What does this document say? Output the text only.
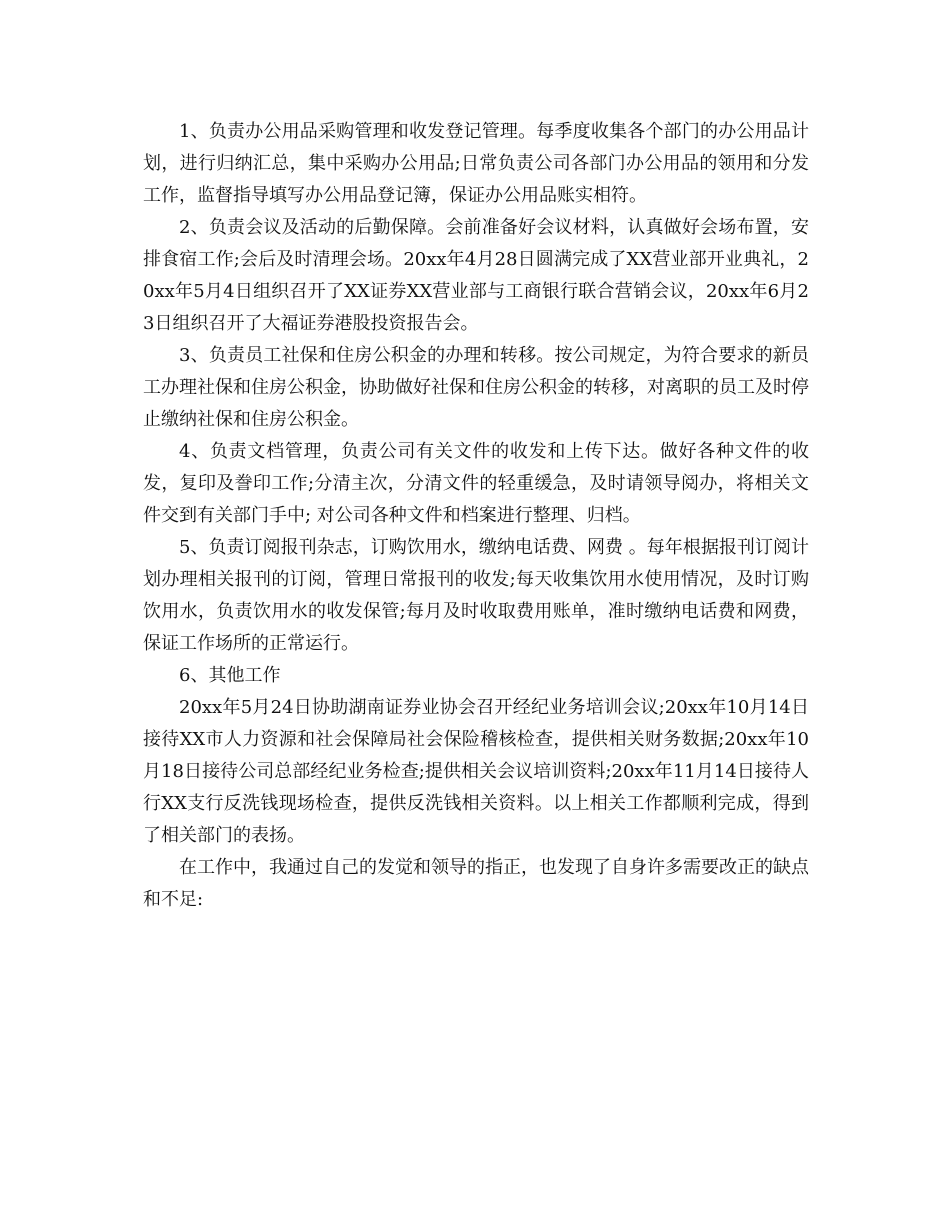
1、负责办公用品采购管理和收发登记管理。每季度收集各个部门的办公用品计划，进行归纳汇总，集中采购办公用品;日常负责公司各部门办公用品的领用和分发工作，监督指导填写办公用品登记簿，保证办公用品账实相符。

2、负责会议及活动的后勤保障。会前准备好会议材料，认真做好会场布置，安排食宿工作;会后及时清理会场。20xx年4月28日圆满完成了XX营业部开业典礼，20xx年5月4日组织召开了XX证券XX营业部与工商银行联合营销会议，20xx年6月23日组织召开了大福证券港股投资报告会。

3、负责员工社保和住房公积金的办理和转移。按公司规定，为符合要求的新员工办理社保和住房公积金，协助做好社保和住房公积金的转移，对离职的员工及时停止缴纳社保和住房公积金。

4、负责文档管理，负责公司有关文件的收发和上传下达。做好各种文件的收发，复印及誊印工作;分清主次，分清文件的轻重缓急，及时请领导阅办，将相关文件交到有关部门手中; 对公司各种文件和档案进行整理、归档。

5、负责订阅报刊杂志，订购饮用水，缴纳电话费、网费 。每年根据报刊订阅计划办理相关报刊的订阅，管理日常报刊的收发;每天收集饮用水使用情况，及时订购饮用水，负责饮用水的收发保管;每月及时收取费用账单，准时缴纳电话费和网费，保证工作场所的正常运行。

6、其他工作

20xx年5月24日协助湖南证券业协会召开经纪业务培训会议;20xx年10月14日接待XX市人力资源和社会保障局社会保险稽核检查，提供相关财务数据;20xx年10月18日接待公司总部经纪业务检查;提供相关会议培训资料;20xx年11月14日接待人行XX支行反洗钱现场检查，提供反洗钱相关资料。以上相关工作都顺利完成，得到了相关部门的表扬。

在工作中，我通过自己的发觉和领导的指正，也发现了自身许多需要改正的缺点和不足:
